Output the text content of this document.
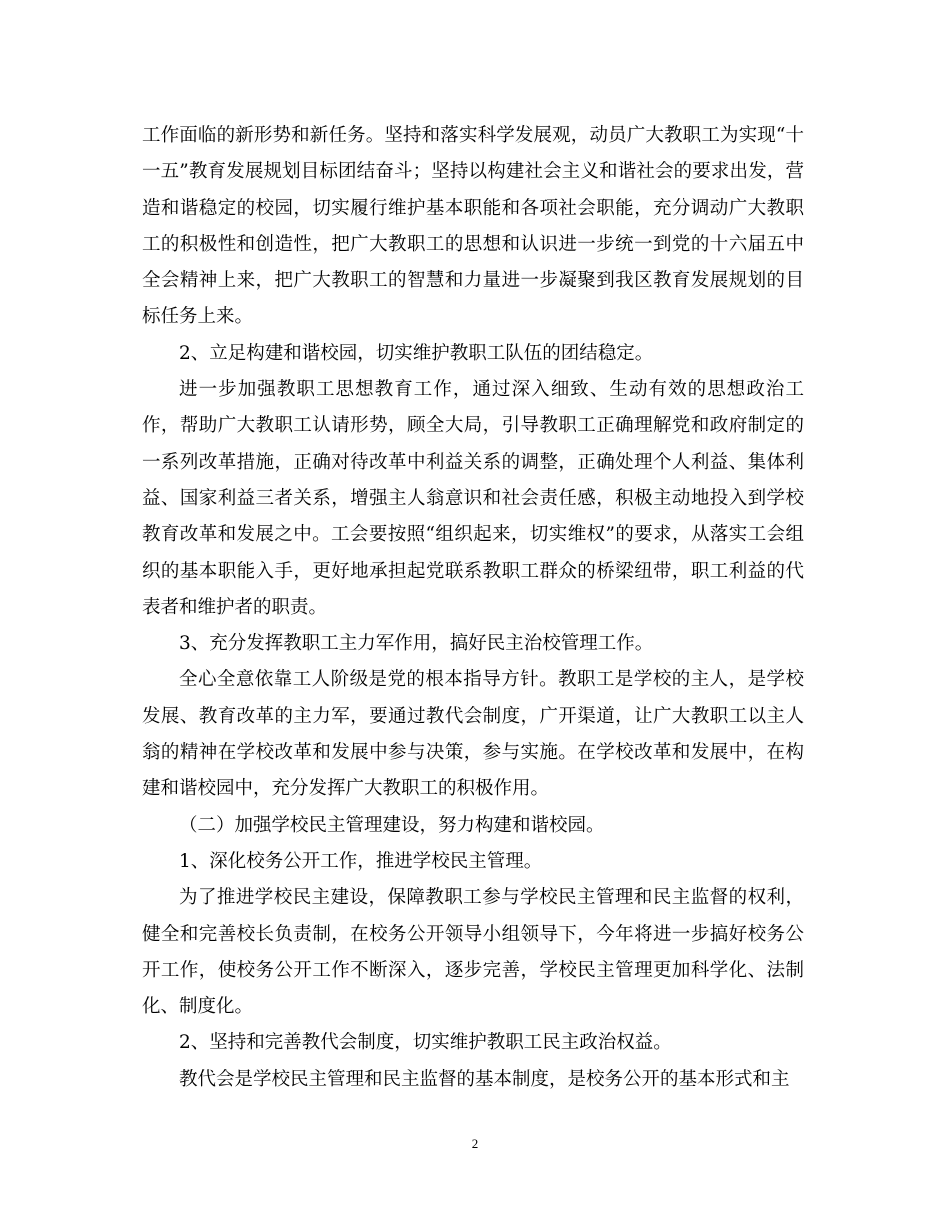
工作面临的新形势和新任务。坚持和落实科学发展观，动员广大教职工为实现“十一五”教育发展规划目标团结奋斗；坚持以构建社会主义和谐社会的要求出发，营造和谐稳定的校园，切实履行维护基本职能和各项社会职能，充分调动广大教职工的积极性和创造性，把广大教职工的思想和认识进一步统一到党的十六届五中全会精神上来，把广大教职工的智慧和力量进一步凝聚到我区教育发展规划的目标任务上来。

2、立足构建和谐校园，切实维护教职工队伍的团结稳定。

进一步加强教职工思想教育工作，通过深入细致、生动有效的思想政治工作，帮助广大教职工认请形势，顾全大局，引导教职工正确理解党和政府制定的一系列改革措施，正确对待改革中利益关系的调整，正确处理个人利益、集体利益、国家利益三者关系，增强主人翁意识和社会责任感，积极主动地投入到学校教育改革和发展之中。工会要按照“组织起来，切实维权”的要求，从落实工会组织的基本职能入手，更好地承担起党联系教职工群众的桥梁纽带，职工利益的代表者和维护者的职责。

3、充分发挥教职工主力军作用，搞好民主治校管理工作。

全心全意依靠工人阶级是党的根本指导方针。教职工是学校的主人，是学校发展、教育改革的主力军，要通过教代会制度，广开渠道，让广大教职工以主人翁的精神在学校改革和发展中参与决策，参与实施。在学校改革和发展中，在构建和谐校园中，充分发挥广大教职工的积极作用。

（二）加强学校民主管理建设，努力构建和谐校园。

1、深化校务公开工作，推进学校民主管理。

为了推进学校民主建设，保障教职工参与学校民主管理和民主监督的权利，健全和完善校长负责制，在校务公开领导小组领导下，今年将进一步搞好校务公开工作，使校务公开工作不断深入，逐步完善，学校民主管理更加科学化、法制化、制度化。

2、坚持和完善教代会制度，切实维护教职工民主政治权益。

教代会是学校民主管理和民主监督的基本制度，是校务公开的基本形式和主

2
